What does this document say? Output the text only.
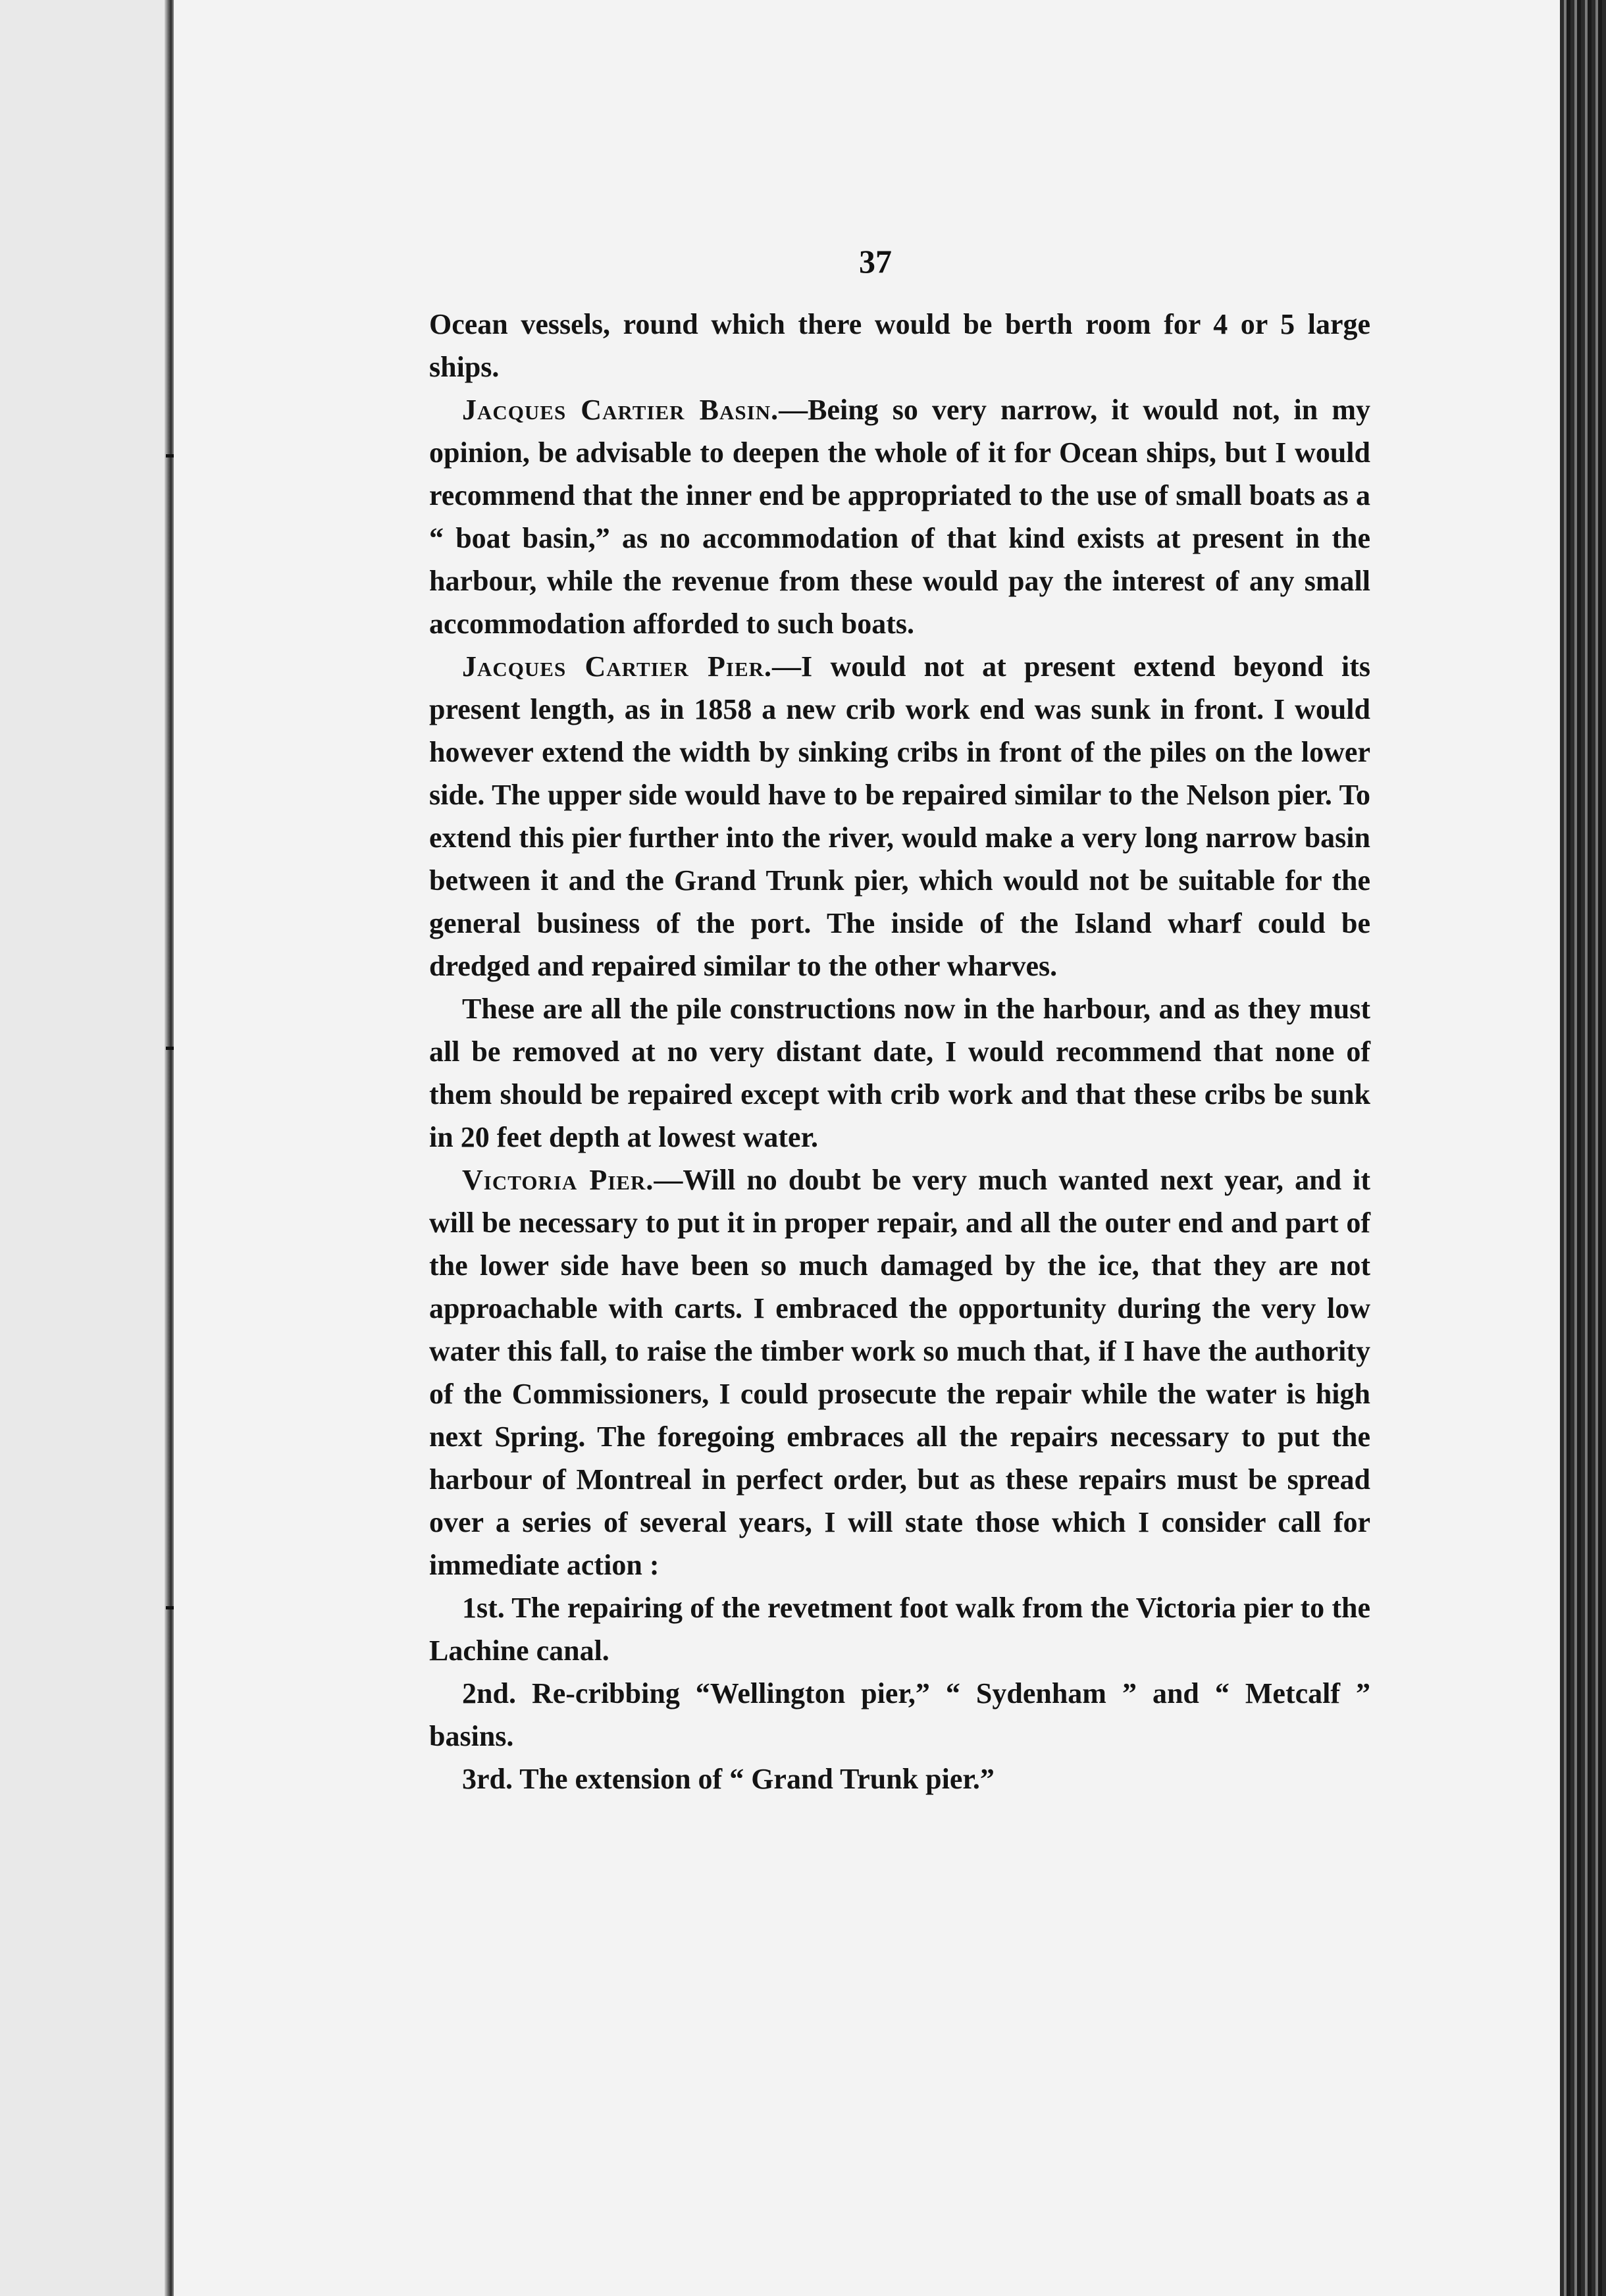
37

Ocean vessels, round which there would be berth room for 4 or 5 large ships.

Jacques Cartier Basin.—Being so very narrow, it would not, in my opinion, be advisable to deepen the whole of it for Ocean ships, but I would recommend that the inner end be appropriated to the use of small boats as a “ boat basin,” as no accommodation of that kind exists at present in the harbour, while the revenue from these would pay the interest of any small accommodation afforded to such boats.

Jacques Cartier Pier.—I would not at present extend beyond its present length, as in 1858 a new crib work end was sunk in front. I would however extend the width by sinking cribs in front of the piles on the lower side. The upper side would have to be repaired similar to the Nelson pier. To extend this pier further into the river, would make a very long narrow basin between it and the Grand Trunk pier, which would not be suitable for the general business of the port. The inside of the Island wharf could be dredged and repaired similar to the other wharves.

These are all the pile constructions now in the harbour, and as they must all be removed at no very distant date, I would recommend that none of them should be repaired except with crib work and that these cribs be sunk in 20 feet depth at lowest water.

Victoria Pier.—Will no doubt be very much wanted next year, and it will be necessary to put it in proper repair, and all the outer end and part of the lower side have been so much damaged by the ice, that they are not approachable with carts. I embraced the opportunity during the very low water this fall, to raise the timber work so much that, if I have the authority of the Commissioners, I could prosecute the repair while the water is high next Spring. The foregoing embraces all the repairs necessary to put the harbour of Montreal in perfect order, but as these repairs must be spread over a series of several years, I will state those which I consider call for immediate action :

1st. The repairing of the revetment foot walk from the Victoria pier to the Lachine canal.

2nd. Re-cribbing “Wellington pier,” “ Sydenham ” and “ Metcalf ” basins.

3rd. The extension of “ Grand Trunk pier.”
